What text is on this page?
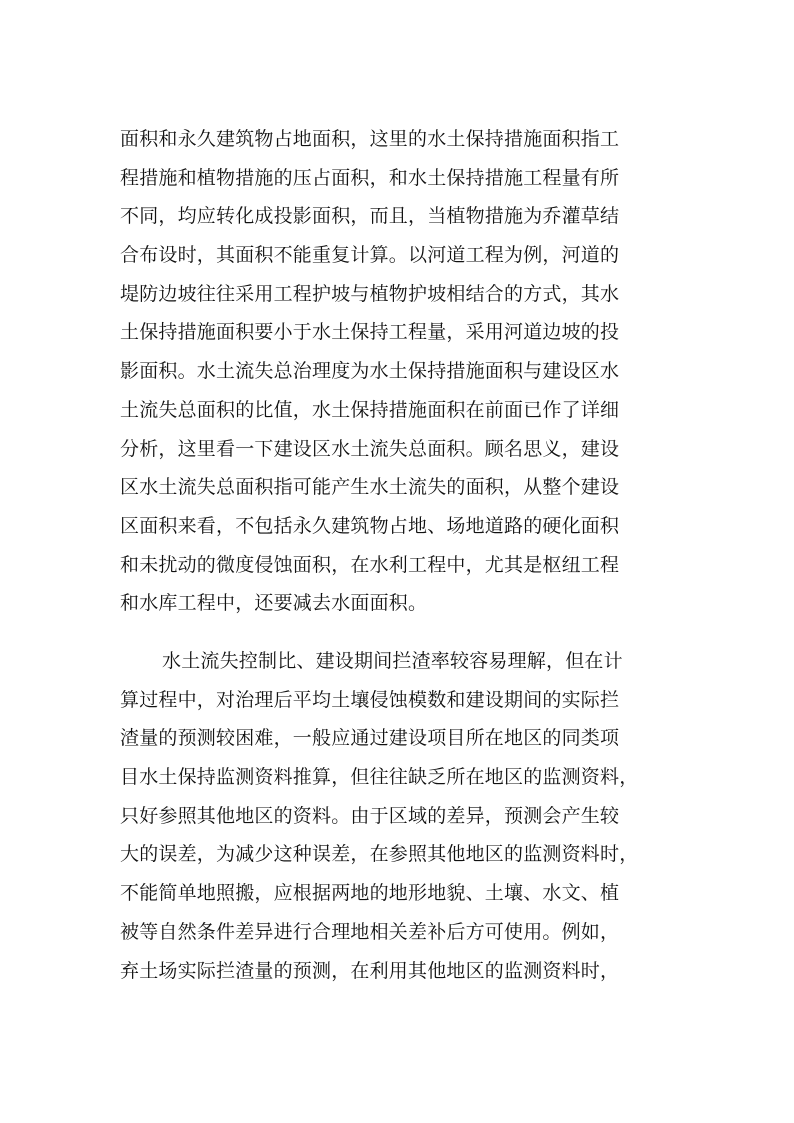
面积和永久建筑物占地面积，这里的水土保持措施面积指工
程措施和植物措施的压占面积，和水土保持措施工程量有所
不同，均应转化成投影面积，而且，当植物措施为乔灌草结
合布设时，其面积不能重复计算。以河道工程为例，河道的
堤防边坡往往采用工程护坡与植物护坡相结合的方式，其水
土保持措施面积要小于水土保持工程量，采用河道边坡的投
影面积。水土流失总治理度为水土保持措施面积与建设区水
土流失总面积的比值，水土保持措施面积在前面已作了详细
分析，这里看一下建设区水土流失总面积。顾名思义，建设
区水土流失总面积指可能产生水土流失的面积，从整个建设
区面积来看，不包括永久建筑物占地、场地道路的硬化面积
和未扰动的微度侵蚀面积，在水利工程中，尤其是枢纽工程
和水库工程中，还要减去水面面积。
水土流失控制比、建设期间拦渣率较容易理解，但在计
算过程中，对治理后平均土壤侵蚀模数和建设期间的实际拦
渣量的预测较困难，一般应通过建设项目所在地区的同类项
目水土保持监测资料推算，但往往缺乏所在地区的监测资料，
只好参照其他地区的资料。由于区域的差异，预测会产生较
大的误差，为减少这种误差，在参照其他地区的监测资料时，
不能简单地照搬，应根据两地的地形地貌、土壤、水文、植
被等自然条件差异进行合理地相关差补后方可使用。例如，
弃土场实际拦渣量的预测，在利用其他地区的监测资料时，
